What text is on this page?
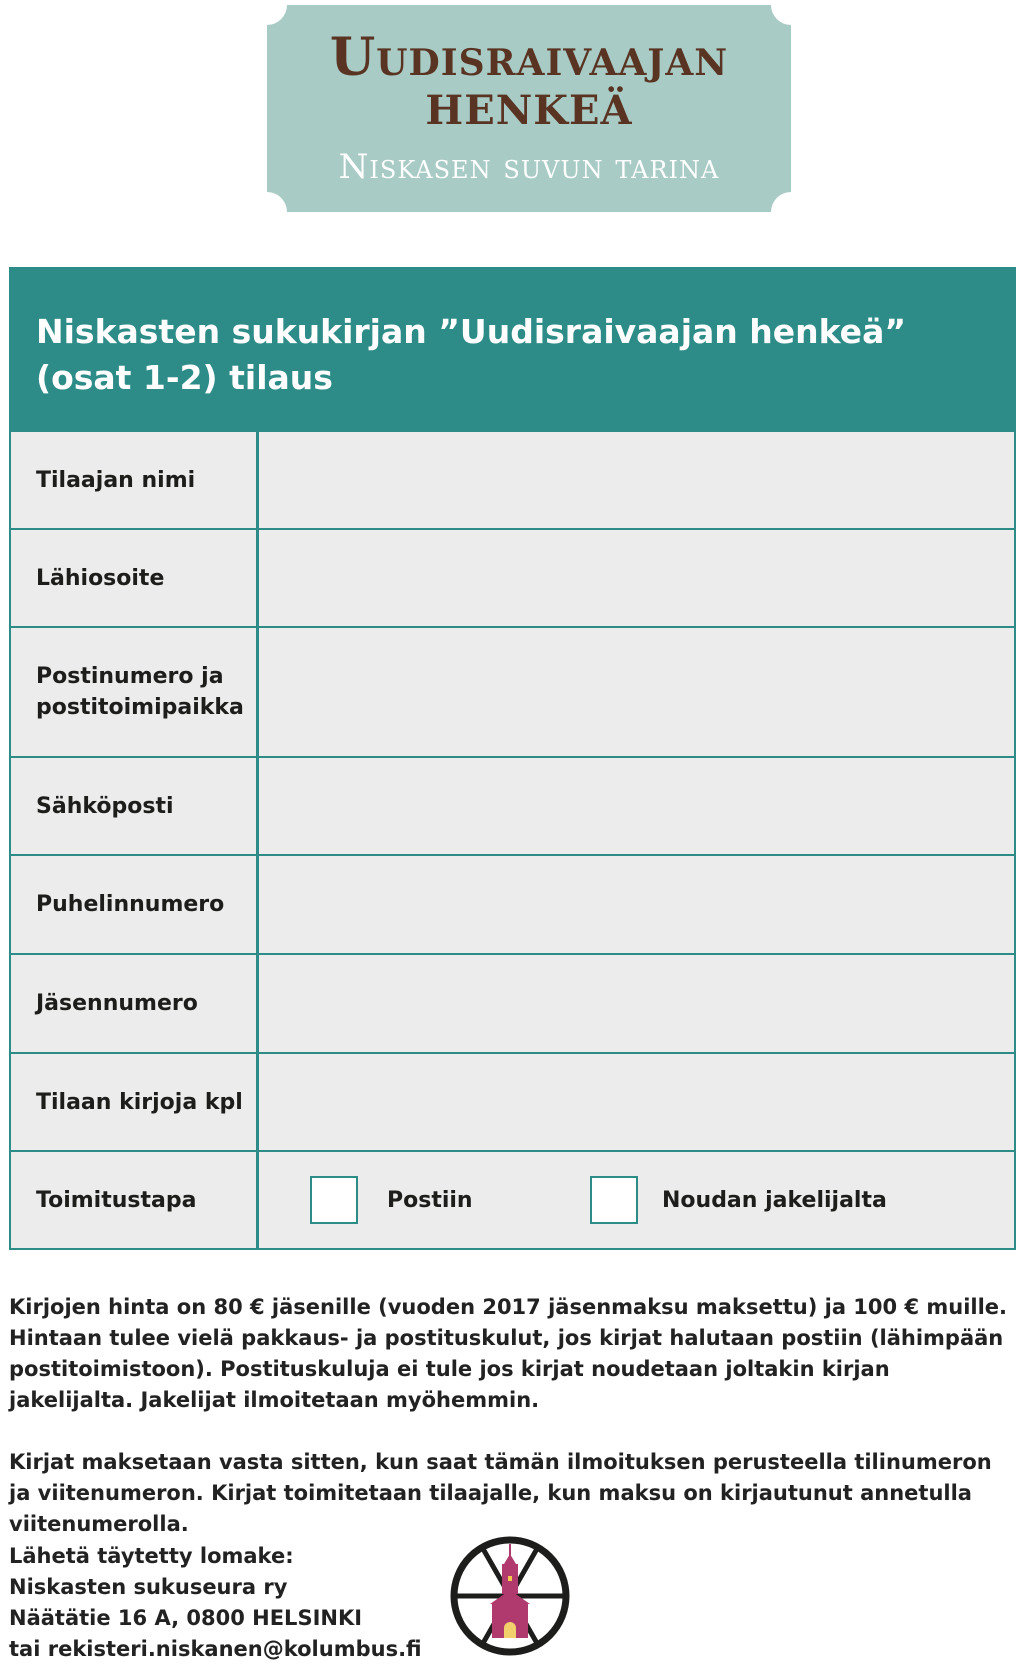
Uudisraivaajan
HENKEÄ
Niskasen suvun tarina
Niskasten sukukirjan ”Uudisraivaajan henkeä”
(osat 1-2) tilaus
Tilaajan nimi
Lähiosoite
Postinumero ja postitoimipaikka
Sähköposti
Puhelinnumero
Jäsennumero
Tilaan kirjoja kpl
Toimitustapa	Postiin	Noudan jakelijalta
Kirjojen hinta on 80 € jäsenille (vuoden 2017 jäsenmaksu maksettu) ja 100 € muille. Hintaan tulee vielä pakkaus- ja postituskulut, jos kirjat halutaan postiin (lähimpään postitoimistoon). Postituskuluja ei tule jos kirjat noudetaan joltakin kirjan jakelijalta. Jakelijat ilmoitetaan myöhemmin.
Kirjat maksetaan vasta sitten, kun saat tämän ilmoituksen perusteella tilinumeron ja viitenumeron. Kirjat toimitetaan tilaajalle, kun maksu on kirjautunut annetulla viitenumerolla.
Lähetä täytetty lomake:
Niskasten sukuseura ry
Näätätie 16 A, 0800 HELSINKI
tai rekisteri.niskanen@kolumbus.fi
